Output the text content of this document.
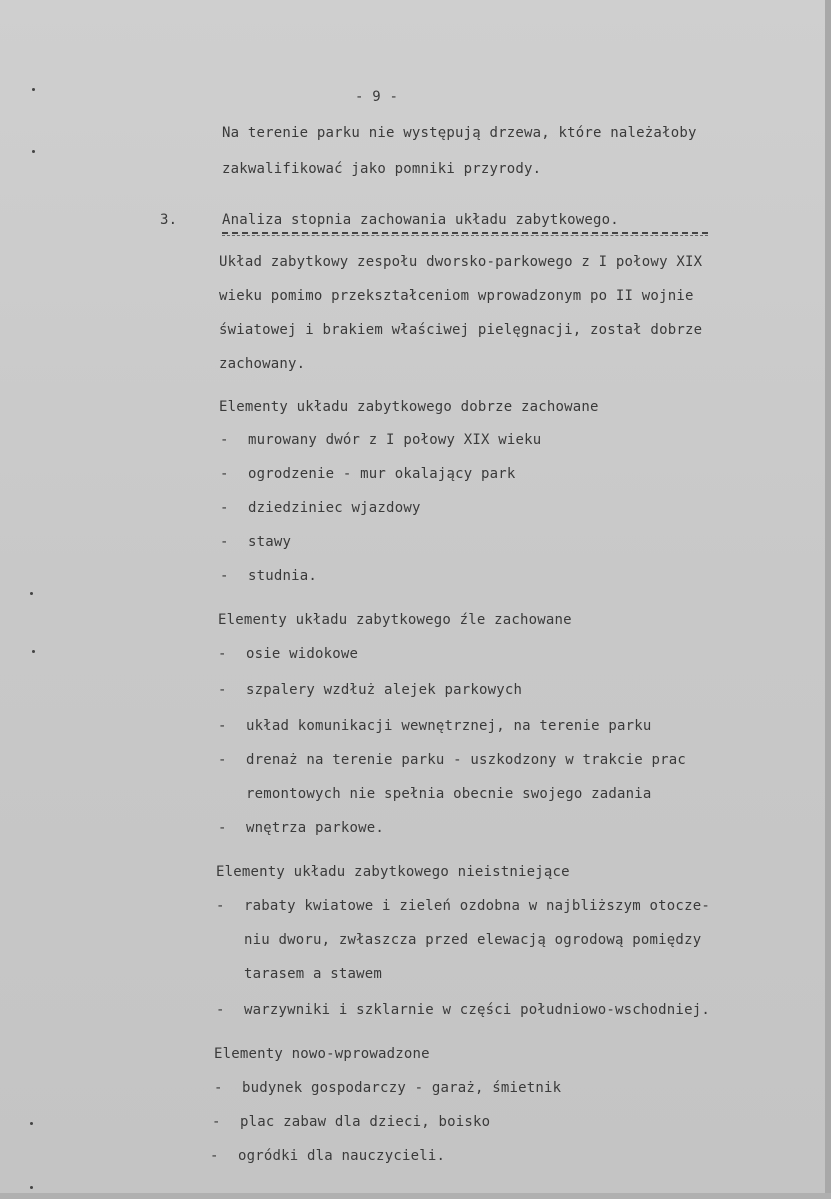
- 9 -
Na terenie parku nie występują drzewa, które należałoby
zakwalifikować jako pomniki przyrody.
3.	Analiza stopnia zachowania układu zabytkowego.
Układ zabytkowy zespołu dworsko-parkowego z I połowy XIX
wieku pomimo przekształceniom wprowadzonym po II wojnie
światowej i brakiem właściwej pielęgnacji, został dobrze
zachowany.
Elementy układu zabytkowego dobrze zachowane
- murowany dwór z I połowy XIX wieku
- ogrodzenie - mur okalający park
- dziedziniec wjazdowy
- stawy
- studnia.
Elementy układu zabytkowego źle zachowane
- osie widokowe
- szpalery wzdłuż alejek parkowych
- układ komunikacji wewnętrznej, na terenie parku
- drenaż na terenie parku - uszkodzony w trakcie prac
remontowych nie spełnia obecnie swojego zadania
- wnętrza parkowe.
Elementy układu zabytkowego nieistniejące
- rabaty kwiatowe i zieleń ozdobna w najbliższym otocze-
niu dworu, zwłaszcza przed elewacją ogrodową pomiędzy
tarasem a stawem
- warzywniki i szklarnie w części południowo-wschodniej.
Elementy nowo-wprowadzone
- budynek gospodarczy - garaż, śmietnik
- plac zabaw dla dzieci, boisko
- ogródki dla nauczycieli.
